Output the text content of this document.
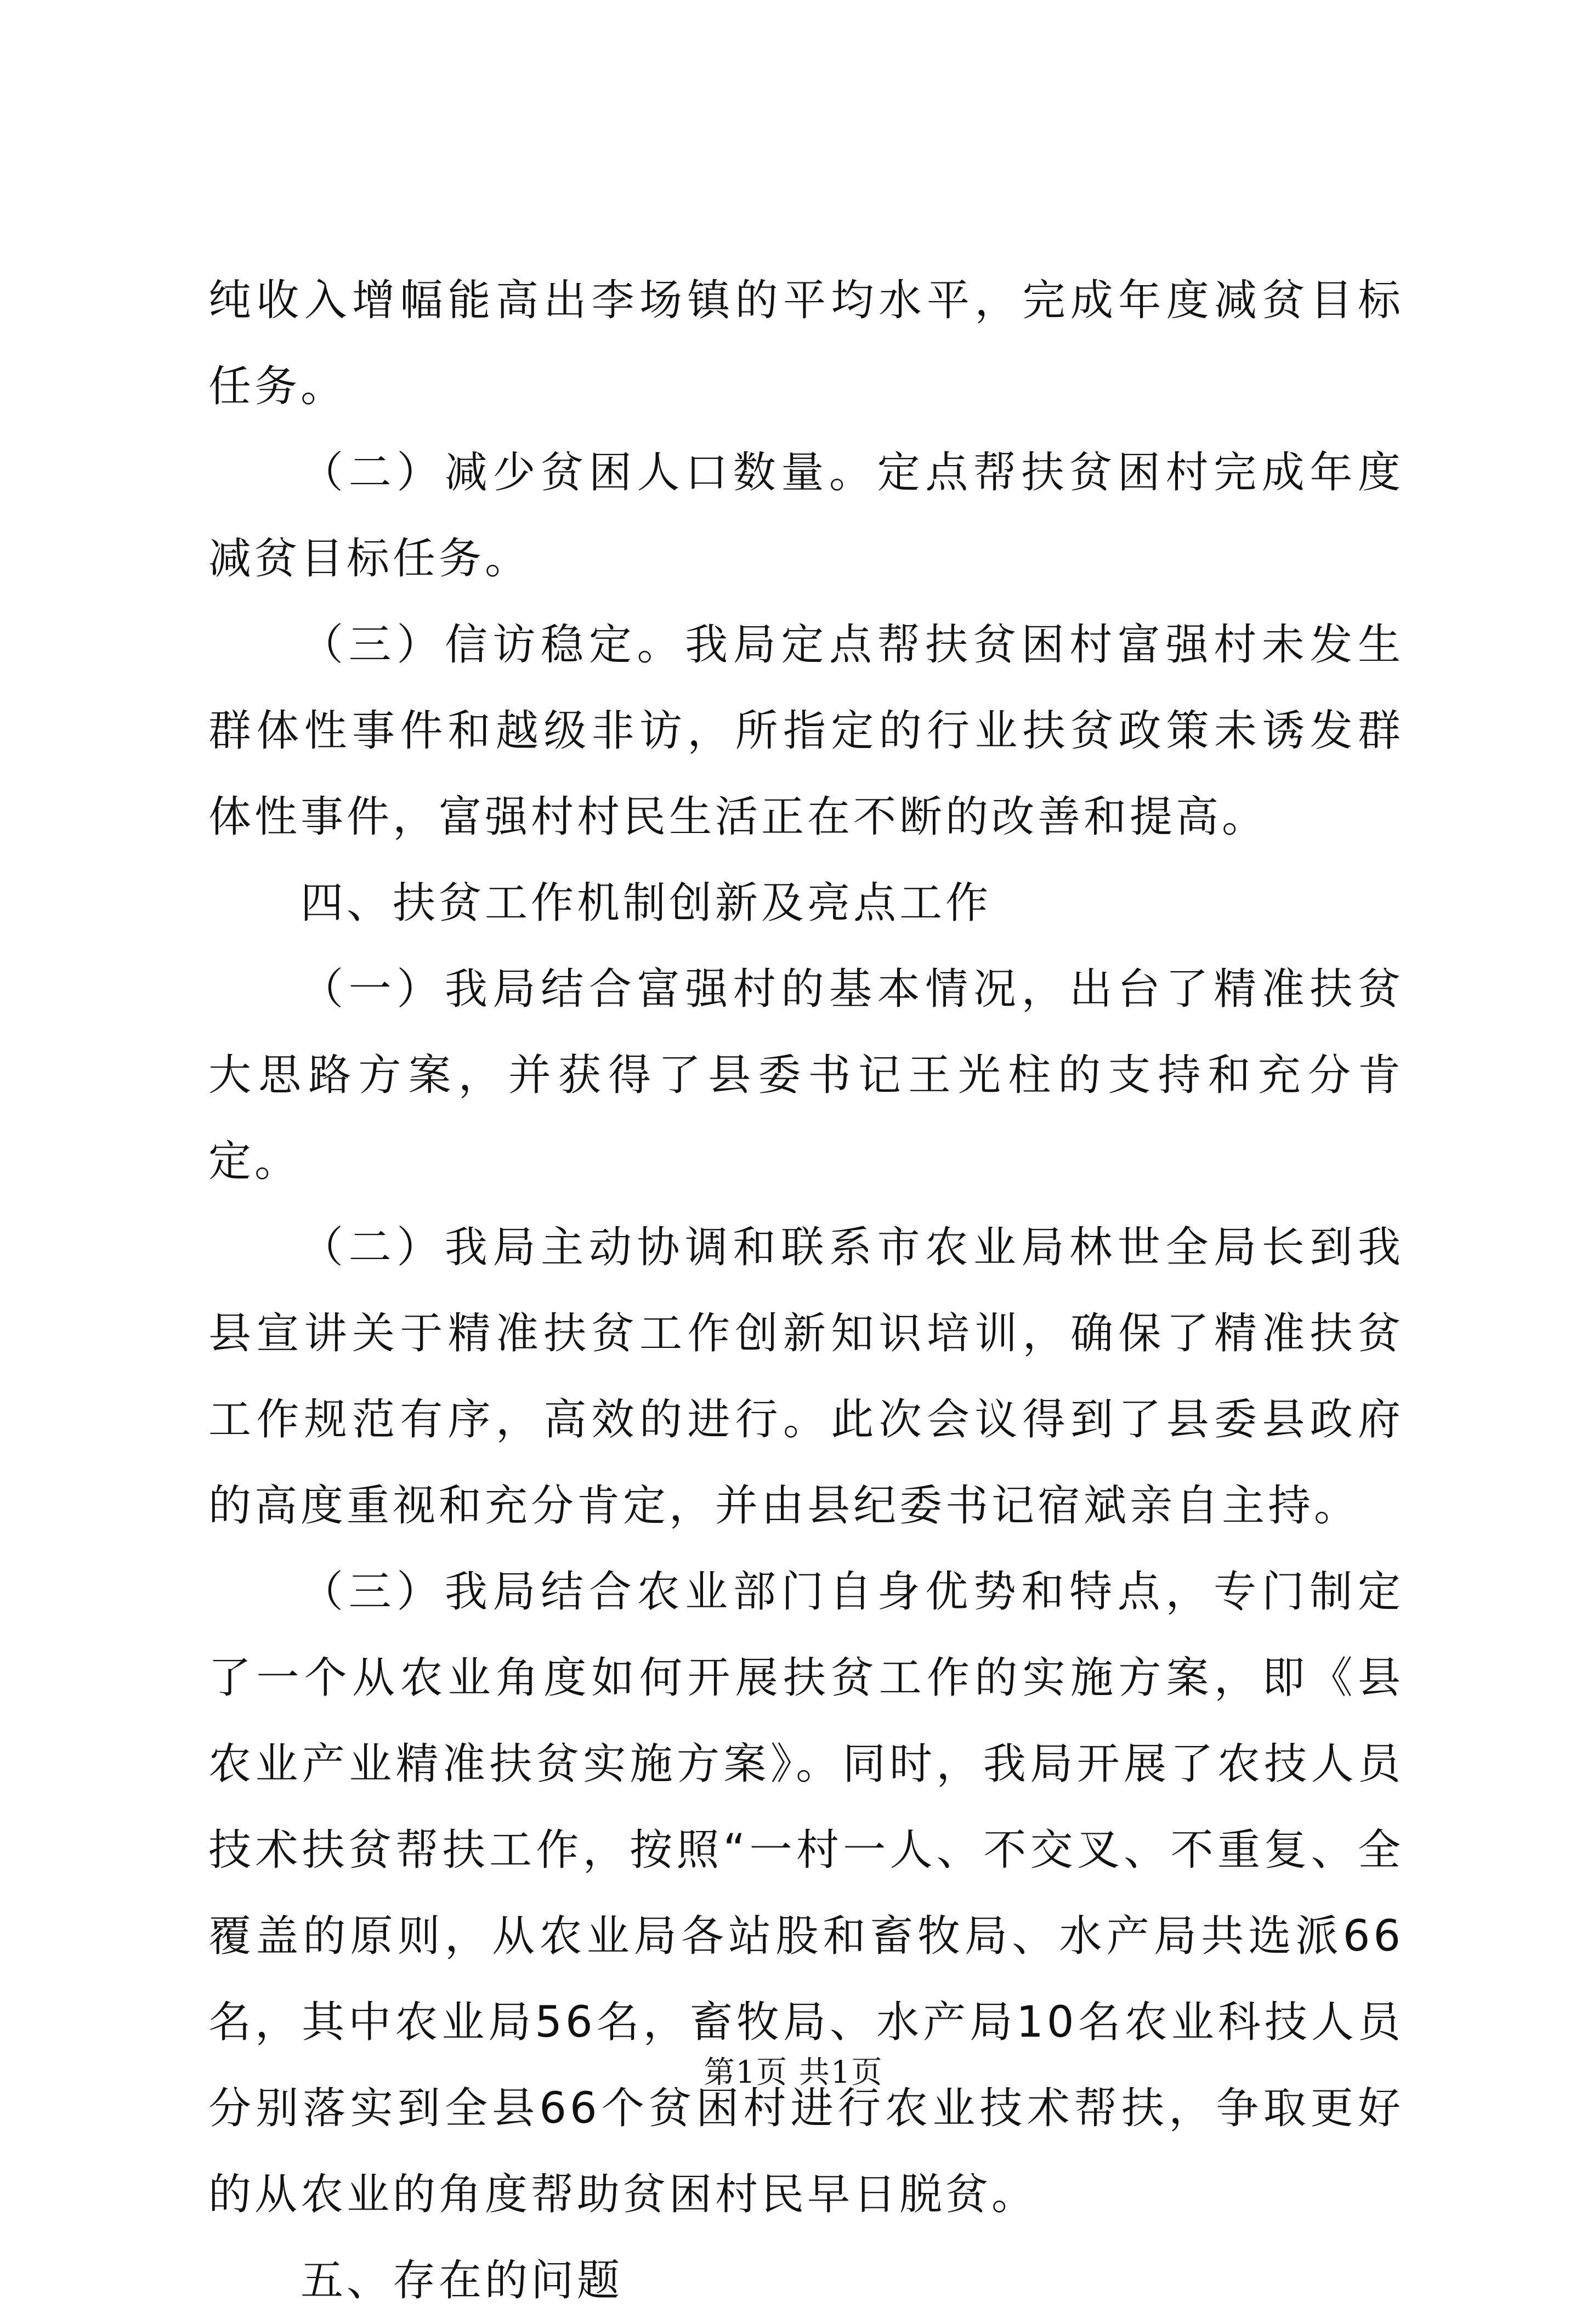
纯收入增幅能高出李场镇的平均水平，完成年度减贫目标任务。

（二）减少贫困人口数量。定点帮扶贫困村完成年度减贫目标任务。

（三）信访稳定。我局定点帮扶贫困村富强村未发生群体性事件和越级非访，所指定的行业扶贫政策未诱发群体性事件，富强村村民生活正在不断的改善和提高。

四、扶贫工作机制创新及亮点工作

（一）我局结合富强村的基本情况，出台了精准扶贫大思路方案，并获得了县委书记王光柱的支持和充分肯定。

（二）我局主动协调和联系市农业局林世全局长到我县宣讲关于精准扶贫工作创新知识培训，确保了精准扶贫工作规范有序，高效的进行。此次会议得到了县委县政府的高度重视和充分肯定，并由县纪委书记宿斌亲自主持。

（三）我局结合农业部门自身优势和特点，专门制定了一个从农业角度如何开展扶贫工作的实施方案，即《县农业产业精准扶贫实施方案》。同时，我局开展了农技人员技术扶贫帮扶工作，按照“一村一人、不交叉、不重复、全覆盖的原则，从农业局各站股和畜牧局、水产局共选派66名，其中农业局56名，畜牧局、水产局10名农业科技人员分别落实到全县66个贫困村进行农业技术帮扶，争取更好的从农业的角度帮助贫困村民早日脱贫。

五、存在的问题

第1页 共1页
